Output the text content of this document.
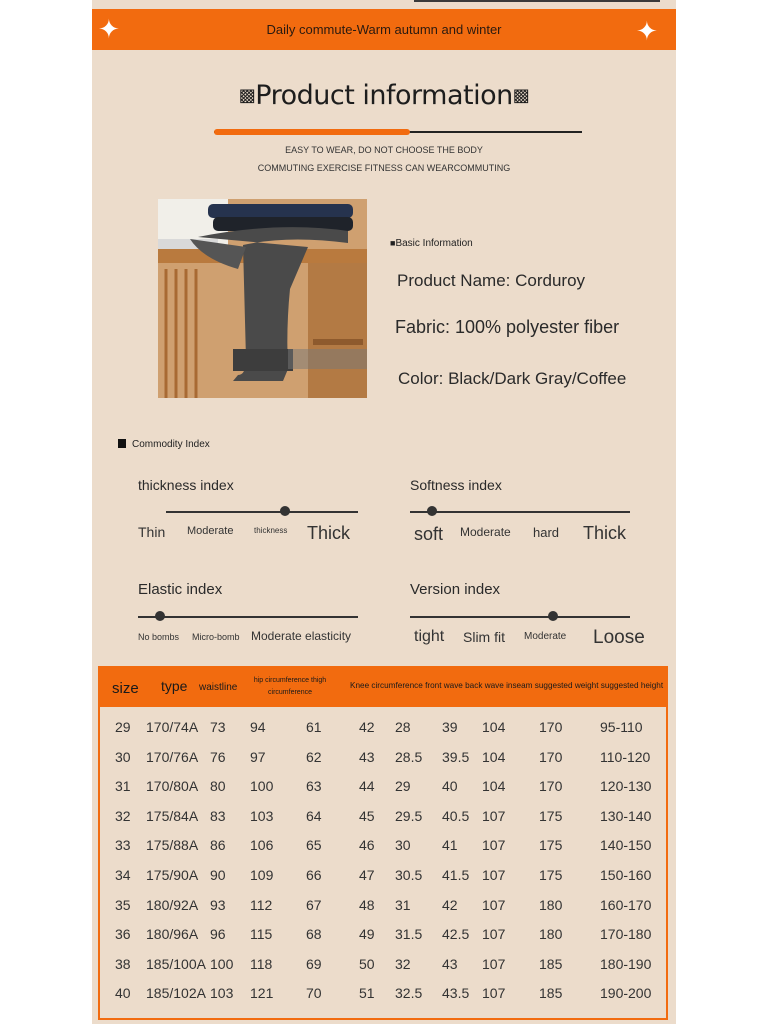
✦	✦
Daily commute-Warm autumn and winter
▩Product information▩
EASY TO WEAR, DO NOT CHOOSE THE BODY
COMMUTING EXERCISE FITNESS CAN WEARCOMMUTING
■Basic Information
Product Name: Corduroy
Fabric: 100% polyester fiber
Color: Black/Dark Gray/Coffee
Commodity Index
thickness index
Thin Moderate	thickness Thick
Softness index
soft Moderate hard Thick
Elastic index
No bombs Micro-bomb Moderate elasticity
Version index
tight Slim fit Moderate Loose
size type waistline
hip circumference thigh circumference
Knee circumference front wave back wave inseam suggested weight suggested height
29 170/74A 73 94	61	42 28 39 104 170	95-110
30 170/76A 76 97	62	43 28.5 39.5 104 170	110-120
31 170/80A 80 100 63	44 29 40 104 170	120-130
32 175/84A 83 103 64	45 29.5 40.5 107 175	130-140
33 175/88A 86 106 65	46 30 41 107 175	140-150
34 175/90A 90 109 66	47 30.5 41.5 107 175	150-160
35 180/92A 93 112 67	48 31 42 107 180	160-170
36 180/96A 96 115 68	49 31.5 42.5 107 180	170-180
38 185/100A 100 118 69	50 32 43 107 185	180-190
40 185/102A 103 121 70	51 32.5 43.5 107 185	190-200
